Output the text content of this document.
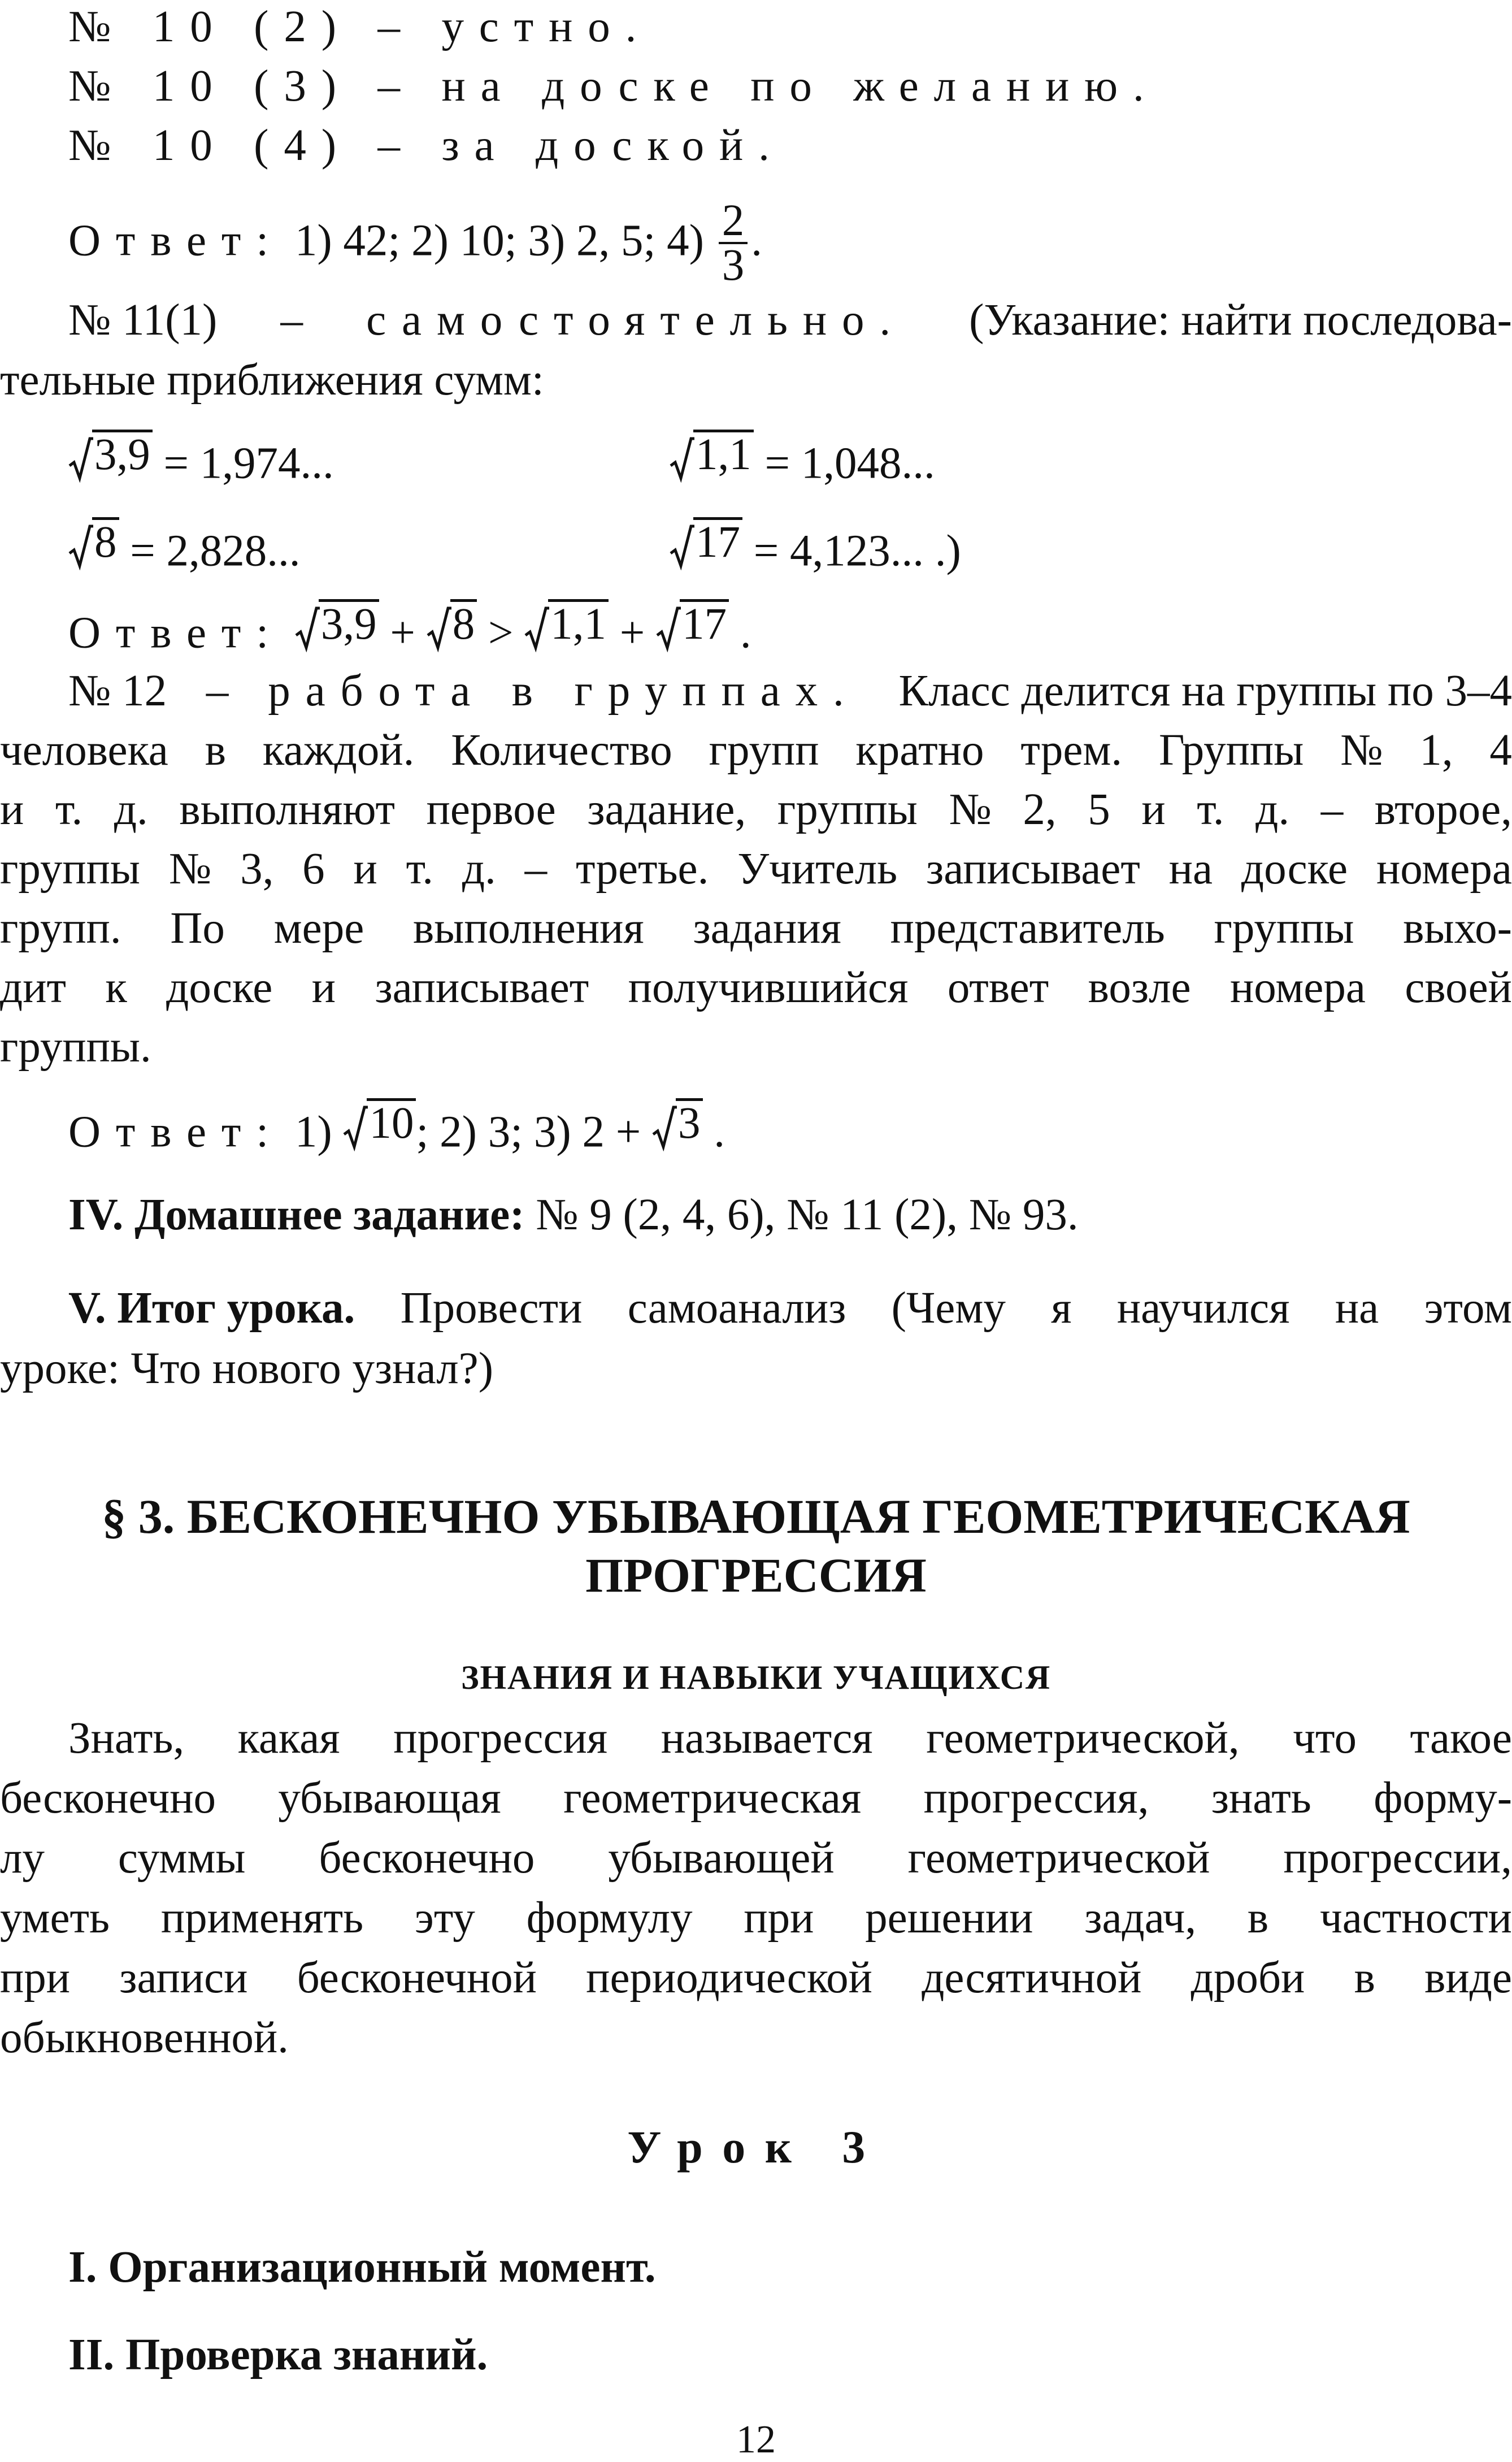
№ 10 (2) – устно.
№ 10 (3) – на доске по желанию.
№ 10 (4) – за доской.
Ответ: 1) 42; 2) 10; 3) 2, 5; $4) \frac{2}{3}$ .
№ 11(1) – самостоятельно. (Указание: найти последова-
тельные приближения сумм:
3,9 = 1,974...	1,1 = 1,048...
8 = 2,828...	17 = 4,123... .)
Ответ: 3,9 + 8 > 1,1 + 17 .
№ 12 – работа в группах. Класс делится на группы по 3–4
человека в каждой. Количество групп кратно трем. Группы № 1, 4
и т. д. выполняют первое задание, группы № 2, 5 и т. д. – второе,
группы № 3, 6 и т. д. – третье. Учитель записывает на доске номера
групп. По мере выполнения задания представитель группы выхо-
дит к доске и записывает получившийся ответ возле номера своей
группы.
Ответ: 1) 10 ; 2) 3; 3) 2 + 3 .
IV. Домашнее задание: № 9 (2, 4, 6), № 11 (2), № 93.
V. Итог урока. Провести самоанализ (Чему я научился на этом
уроке: Что нового узнал?)
§ 3. БЕСКОНЕЧНО УБЫВАЮЩАЯ ГЕОМЕТРИЧЕСКАЯ
ПРОГРЕССИЯ
ЗНАНИЯ И НАВЫКИ УЧАЩИХСЯ
Знать, какая прогрессия называется геометрической, что такое
бесконечно убывающая геометрическая прогрессия, знать форму-
лу суммы бесконечно убывающей геометрической прогрессии,
уметь применять эту формулу при решении задач, в частности
при записи бесконечной периодической десятичной дроби в виде
обыкновенной.
Урок 3
I. Организационный момент.
II. Проверка знаний.
12
